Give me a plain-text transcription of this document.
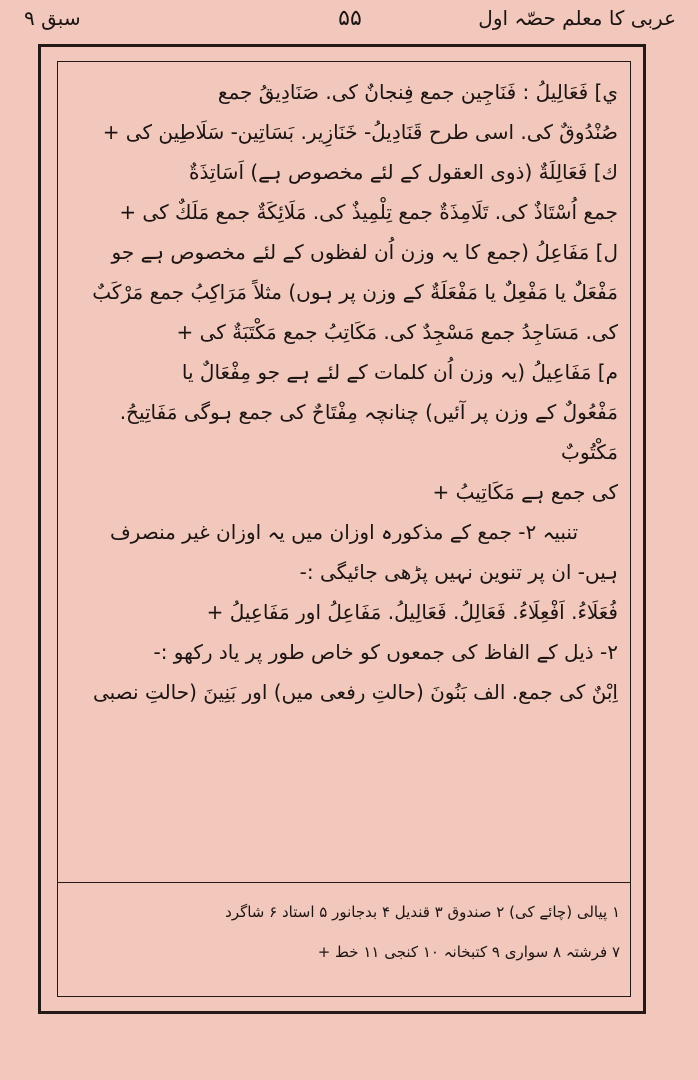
عربی کا معلم حصّہ اول
۵۵
سبق ۹

ي] فَعَالِيلُ : فَنَاجِين جمع فِنجانٌ کی. صَنَادِیقُ جمع

صُنْدُوقٌ کی. اسی طرح قَنَادِيلُ- خَنَازِير. بَسَاتِين- سَلَاطِين کی +

ك] فَعَالِلَةٌ (ذوی العقول کے لئے مخصوص ہے) اَسَاتِذَةٌ

جمع اُسْتَاذٌ کی. تَلَامِذَةٌ جمع تِلْمِيذٌ کی. مَلَائِكَةٌ جمع مَلَكٌ کی +

ل] مَفَاعِلُ (جمع کا یہ وزن اُن لفظوں کے لئے مخصوص ہے جو

مَفْعَلٌ یا مَفْعِلٌ یا مَفْعَلَةٌ کے وزن پر ہوں) مثلاً مَرَاكِبُ جمع مَرْكَبٌ

کی. مَسَاجِدُ جمع مَسْجِدٌ کی. مَكَاتِبُ جمع مَكْتَبَةٌ کی +

م] مَفَاعِيلُ (یہ وزن اُن کلمات کے لئے ہے جو مِفْعَالٌ یا

مَفْعُولٌ کے وزن پر آئیں) چنانچہ مِفْتَاحٌ کی جمع ہوگی مَفَاتِيحُ. مَكْتُوبٌ

کی جمع ہے مَكَاتِيبُ +

تنبیہ ۲- جمع کے مذکورہ اوزان میں یہ اوزان غیر منصرف

ہیں- ان پر تنوین نہیں پڑھی جائیگی :-

فُعَلَاءُ. اَفْعِلَاءُ. فَعَالِلُ. فَعَالِيلُ. مَفَاعِلُ اور مَفَاعِيلُ +

۲- ذیل کے الفاظ کی جمعوں کو خاص طور پر یاد رکھو :-

اِبْنٌ کی جمع. الف بَنُونَ (حالتِ رفعی میں) اور بَنِينَ (حالتِ نصبی

۱ پیالی (چائے کی) ۲ صندوق ۳ قندیل ۴ بدجانور ۵ استاد ۶ شاگرد

۷ فرشتہ ۸ سواری ۹ کتبخانہ ۱۰ کنجی ۱۱ خط +
